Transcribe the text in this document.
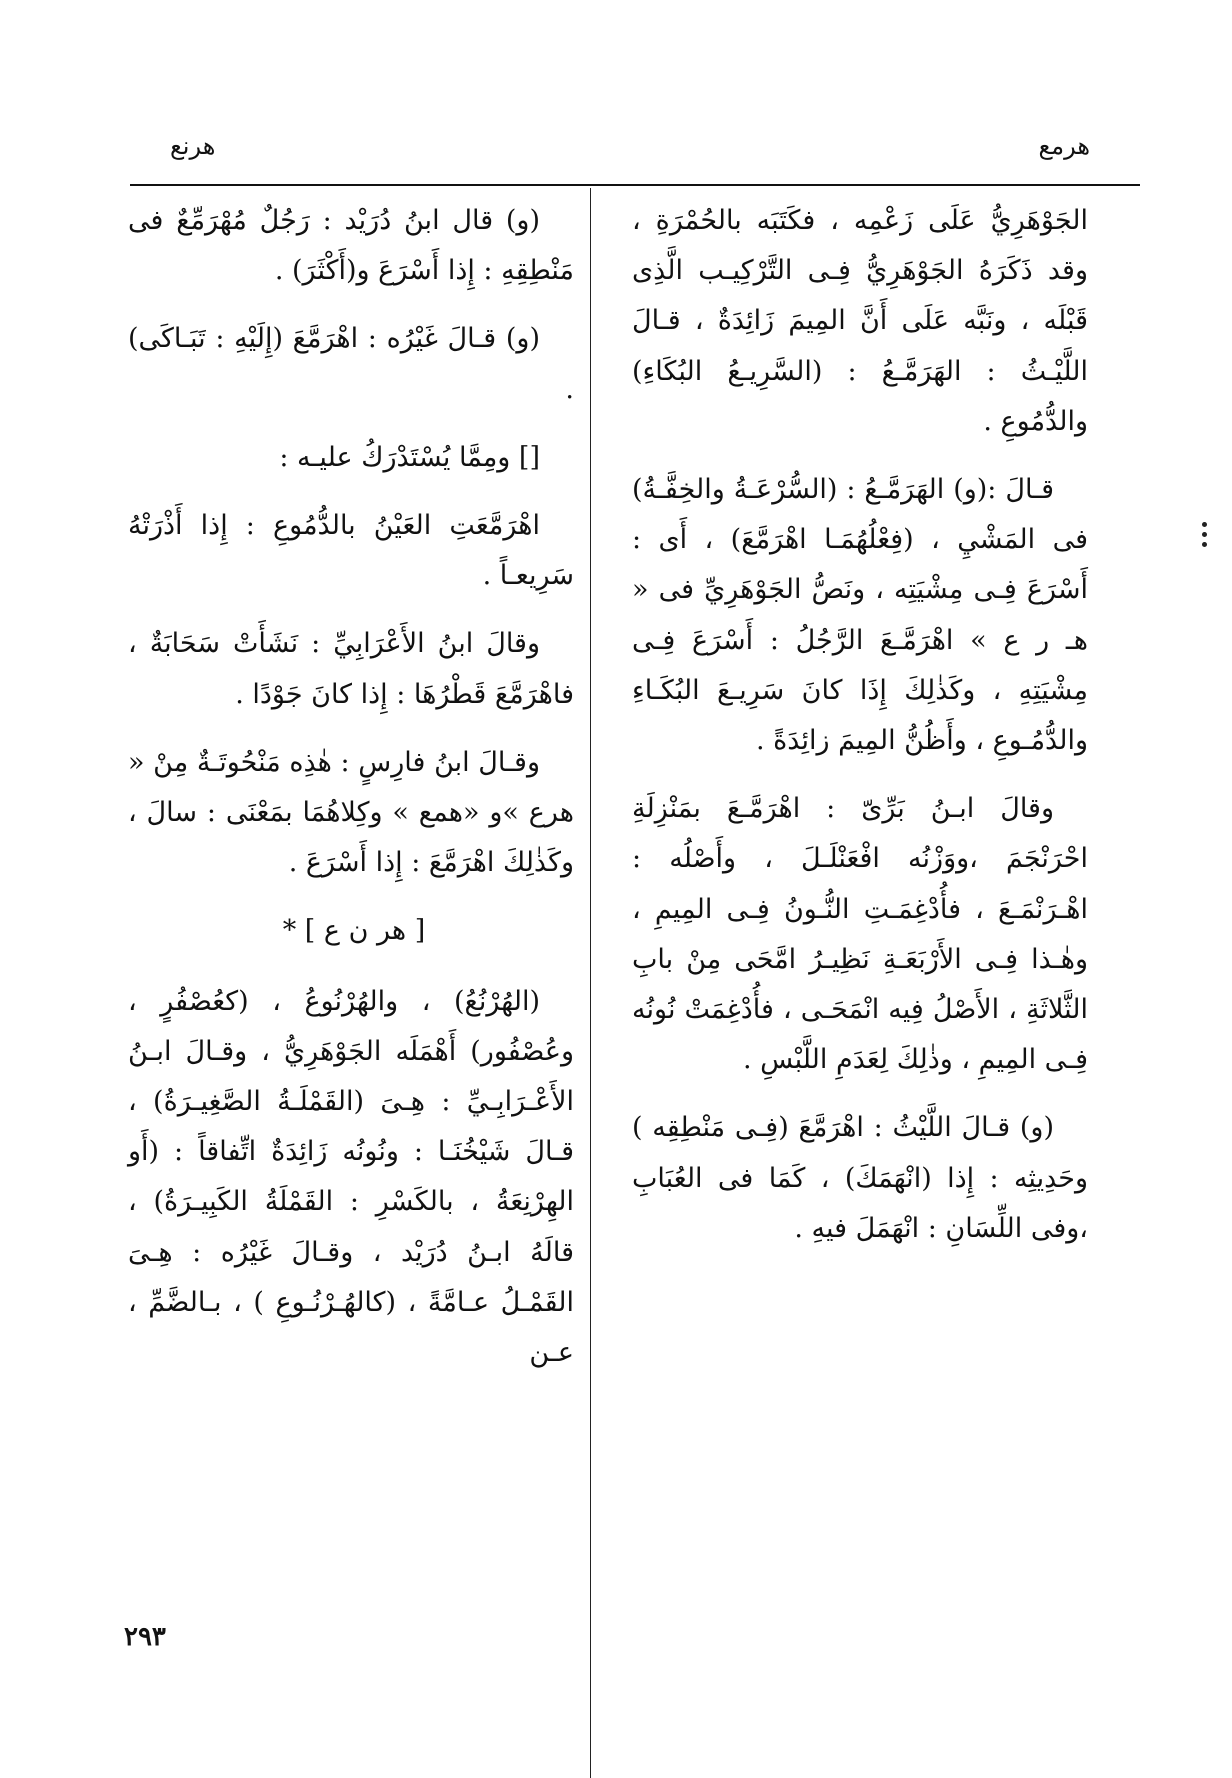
هرمع
هرنع

الجَوْهَرِيُّ عَلَى زَعْمِه ، فكَتَبَه بالحُمْرَةِ ، وقد ذَكَرَهُ الجَوْهَرِيُّ فِـى التَّرْكِيـب الَّذِى قَبْلَه ، ونَبَّه عَلَى أَنَّ المِيمَ زَائِدَةٌ ، قـالَ اللَّيْـثُ : الهَرَمَّـعُ : (السَّرِيـعُ البُكَاءِ) والدُّمُوعِ .

قـالَ :(و) الهَرَمَّـعُ : (السُّرْعَـةُ والخِفَّـةُ) فى المَشْيِ ، (فِعْلُهُمَـا اهْرَمَّعَ) ، أَى : أَسْرَعَ فِـى مِشْيَتِه ، ونَصُّ الجَوْهَرِيِّ فى « هـ ر ع » اهْرَمَّـعَ الرَّجُلُ : أَسْرَعَ فِـى مِشْيَتِهِ ، وكَذٰلِكَ إِذَا كانَ سَرِيـعَ البُكَـاءِ والدُّمُـوعِ ، وأَظُنُّ المِيمَ زائِدَةً .

وقالَ ابـنُ بَرِّىّ : اهْرَمَّـعَ بمَنْزِلَةِ احْرَنْجَمَ ،ووَزْنُه افْعَنْلَـلَ ، وأَصْلُه : اهْـرَنْمَـعَ ، فأُدْغِمَـتِ النُّـونُ فِـى المِيمِ ، وهٰـذا فِـى الأَرْبَعَـةِ نَظِيـرُ امَّحَى مِنْ بابِ الثَّلاثَةِ ، الأَصْلُ فِيه انْمَحَـى ، فأُدْغِمَتْ نُونُه فِـى المِيمِ ، وذٰلِكَ لِعَدَمِ اللَّبْسِ .

(و) قـالَ اللَّيْثُ : اهْرَمَّعَ (فِـى مَنْطِقِه ) وحَدِيثِه : إِذا (انْهَمَكَ) ، كَمَا فى العُبَابِ ،وفى اللِّسَانِ : انْهَمَلَ فيهِ .

(و) قال ابنُ دُرَيْد : رَجُلٌ مُهْرَمِّعٌ فى مَنْطِقِهِ : إِذا أَسْرَعَ و(أَكْثَرَ) .

(و) قـالَ غَيْرُه : اهْرَمَّعَ (إِلَيْهِ : تَبَـاكَى) .

[] ومِمَّا يُسْتَدْرَكُ عليـه :

اهْرَمَّعَتِ العَيْنُ بالدُّمُوعِ : إِذا أَذْرَتْهُ سَرِيعـاً .

وقالَ ابنُ الأَعْرَابِيِّ : نَشَأَتْ سَحَابَةٌ ، فاهْرَمَّعَ قَطْرُهَا : إِذا كانَ جَوْدًا .

وقـالَ ابنُ فارِسٍ : هٰذِه مَنْحُوتَـةٌ مِنْ « هرع »و «همع » وكِلاهُمَا بمَعْنَى : سالَ ، وكَذٰلِكَ اهْرَمَّعَ : إِذا أَسْرَعَ .

[ هر ن ع ] *

(الهُرْنُعُ) ، والهُرْنُوعُ ، (كعُصْفُرٍ ، وعُصْفُور) أَهْمَلَه الجَوْهَرِيُّ ، وقـالَ ابـنُ الأَعْـرَابِـيِّ : هِـىَ (القَمْلَـةُ الصَّغِيـرَةُ) ، قـالَ شَيْخُنَـا : ونُونُه زَائِدَةٌ اتِّفاقاً : (أَو الهِرْنِعَةُ ، بالكَسْرِ : القَمْلَةُ الكَبِيـرَةُ) ، قالَهُ ابـنُ دُرَيْد ، وقـالَ غَيْرُه : هِـىَ القَمْـلُ عـامَّةً ، (كالهُـرْنُـوعِ ) ، بـالضَّمِّ ، عـن

٢٩٣
